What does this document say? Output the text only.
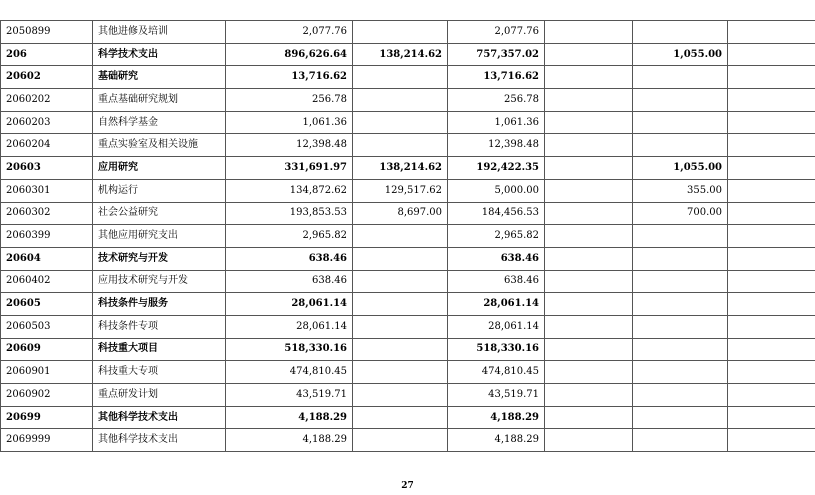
2050899	其他进修及培训	2,077.76		2,077.76			
206	科学技术支出	896,626.64	138,214.62	757,357.02		1,055.00	
20602	基础研究	13,716.62		13,716.62			
2060202	重点基础研究规划	256.78		256.78			
2060203	自然科学基金	1,061.36		1,061.36			
2060204	重点实验室及相关设施	12,398.48		12,398.48			
20603	应用研究	331,691.97	138,214.62	192,422.35		1,055.00	
2060301	机构运行	134,872.62	129,517.62	5,000.00		355.00	
2060302	社会公益研究	193,853.53	8,697.00	184,456.53		700.00	
2060399	其他应用研究支出	2,965.82		2,965.82			
20604	技术研究与开发	638.46		638.46			
2060402	应用技术研究与开发	638.46		638.46			
20605	科技条件与服务	28,061.14		28,061.14			
2060503	科技条件专项	28,061.14		28,061.14			
20609	科技重大项目	518,330.16		518,330.16			
2060901	科技重大专项	474,810.45		474,810.45			
2060902	重点研发计划	43,519.71		43,519.71			
20699	其他科学技术支出	4,188.29		4,188.29			
2069999	其他科学技术支出	4,188.29		4,188.29			
27
